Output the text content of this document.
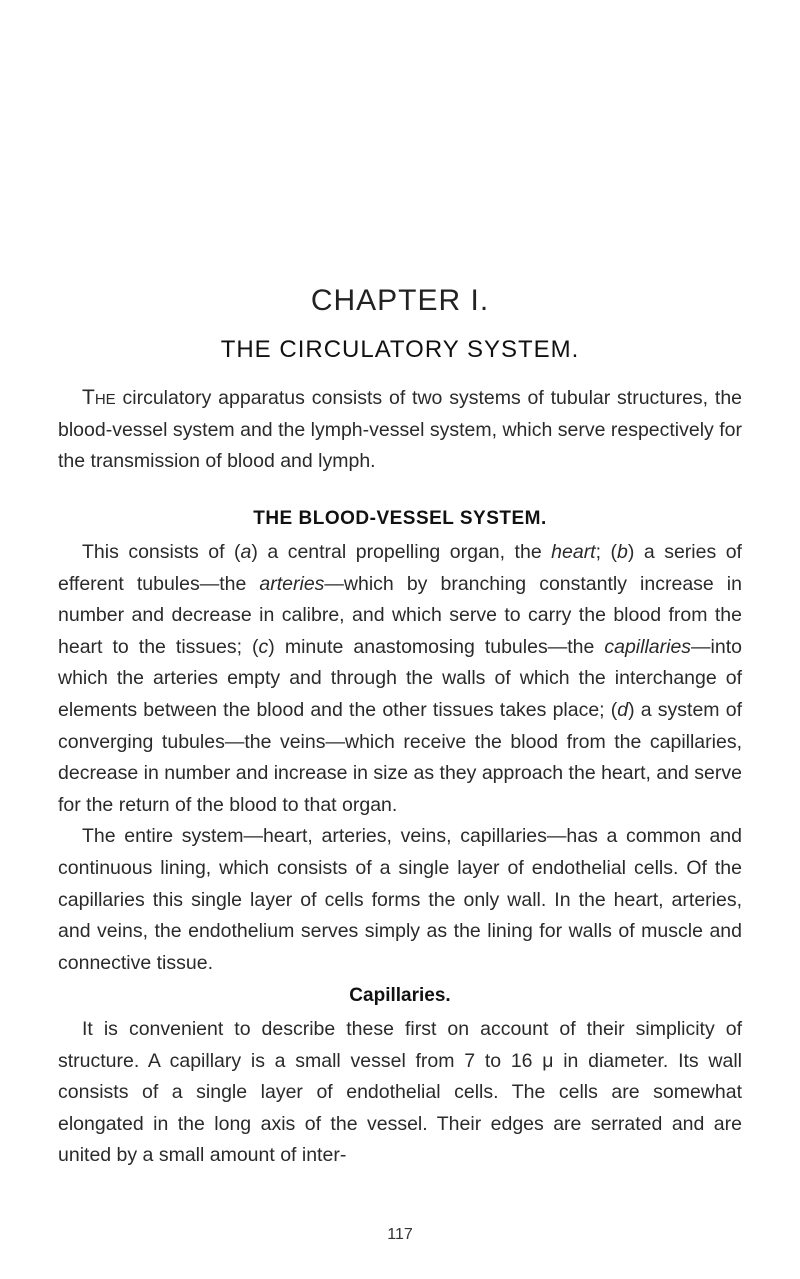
CHAPTER I.
THE CIRCULATORY SYSTEM.

The circulatory apparatus consists of two systems of tubular structures, the blood-vessel system and the lymph-vessel system, which serve respectively for the transmission of blood and lymph.

THE BLOOD-VESSEL SYSTEM.

This consists of (a) a central propelling organ, the heart; (b) a series of efferent tubules—the arteries—which by branching constantly increase in number and decrease in calibre, and which serve to carry the blood from the heart to the tissues; (c) minute anastomosing tubules—the capillaries—into which the arteries empty and through the walls of which the interchange of elements between the blood and the other tissues takes place; (d) a system of converging tubules—the veins—which receive the blood from the capillaries, decrease in number and increase in size as they approach the heart, and serve for the return of the blood to that organ.

The entire system—heart, arteries, veins, capillaries—has a common and continuous lining, which consists of a single layer of endothelial cells. Of the capillaries this single layer of cells forms the only wall. In the heart, arteries, and veins, the endothelium serves simply as the lining for walls of muscle and connective tissue.

Capillaries.

It is convenient to describe these first on account of their simplicity of structure. A capillary is a small vessel from 7 to 16 μ in diameter. Its wall consists of a single layer of endothelial cells. The cells are somewhat elongated in the long axis of the vessel. Their edges are serrated and are united by a small amount of inter-

117
